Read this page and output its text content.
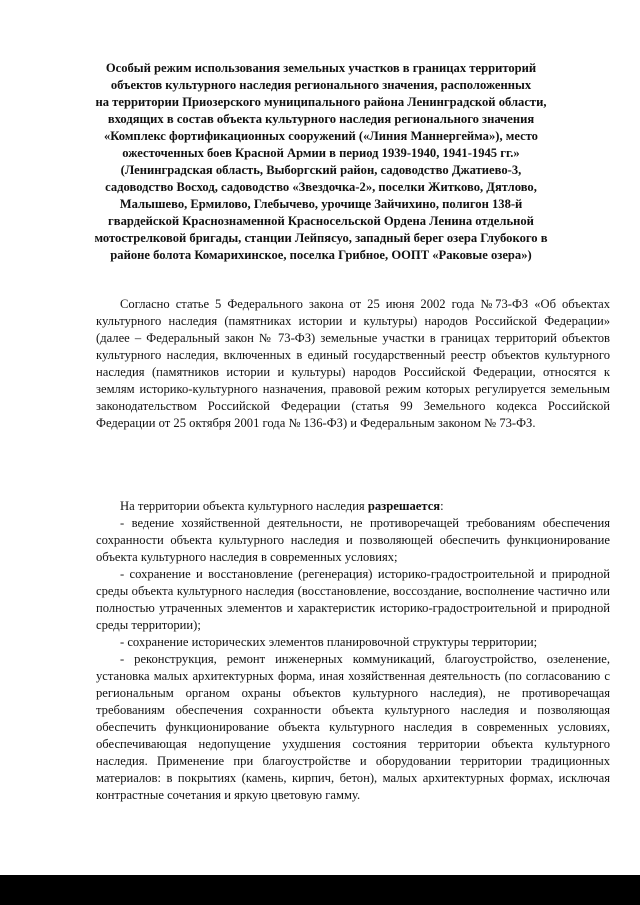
Особый режим использования земельных участков в границах территорий
объектов культурного наследия регионального значения, расположенных
на территории Приозерского муниципального района Ленинградской области,
входящих в состав объекта культурного наследия регионального значения
«Комплекс фортификационных сооружений («Линия Маннергейма»), место
ожесточенных боев Красной Армии в период 1939-1940, 1941-1945 гг.»
(Ленинградская область, Выборгский район, садоводство Джатиево-3,
садоводство Восход, садоводство «Звездочка-2», поселки Житково, Дятлово,
Малышево, Ермилово, Глебычево, урочище Зайчихино, полигон 138-й
гвардейской Краснознаменной Красносельской Ордена Ленина отдельной
мотострелковой бригады, станции Лейпясуо, западный берег озера Глубокого в
районе болота Комарихинское, поселка Грибное, ООПТ «Раковые озера»)
Согласно статье 5 Федерального закона от 25 июня 2002 года №73-ФЗ «Об объектах культурного наследия (памятниках истории и культуры) народов Российской Федерации» (далее – Федеральный закон № 73-ФЗ) земельные участки в границах территорий объектов культурного наследия, включенных в единый государственный реестр объектов культурного наследия (памятников истории и культуры) народов Российской Федерации, относятся к землям историко-культурного назначения, правовой режим которых регулируется земельным законодательством Российской Федерации (статья 99 Земельного кодекса Российской Федерации от 25 октября 2001 года № 136-ФЗ) и Федеральным законом № 73-ФЗ.
На территории объекта культурного наследия разрешается:
- ведение хозяйственной деятельности, не противоречащей требованиям обеспечения сохранности объекта культурного наследия и позволяющей обеспечить функционирование объекта культурного наследия в современных условиях;
- сохранение и восстановление (регенерация) историко-градостроительной и природной среды объекта культурного наследия (восстановление, воссоздание, восполнение частично или полностью утраченных элементов и характеристик историко-градостроительной и природной среды территории);
- сохранение исторических элементов планировочной структуры территории;
- реконструкция, ремонт инженерных коммуникаций, благоустройство, озеленение, установка малых архитектурных форма, иная хозяйственная деятельность (по согласованию с региональным органом охраны объектов культурного наследия), не противоречащая требованиям обеспечения сохранности объекта культурного наследия и позволяющая обеспечить функционирование объекта культурного наследия в современных условиях, обеспечивающая недопущение ухудшения состояния территории объекта культурного наследия. Применение при благоустройстве и оборудовании территории традиционных материалов: в покрытиях (камень, кирпич, бетон), малых архитектурных формах, исключая контрастные сочетания и яркую цветовую гамму.
